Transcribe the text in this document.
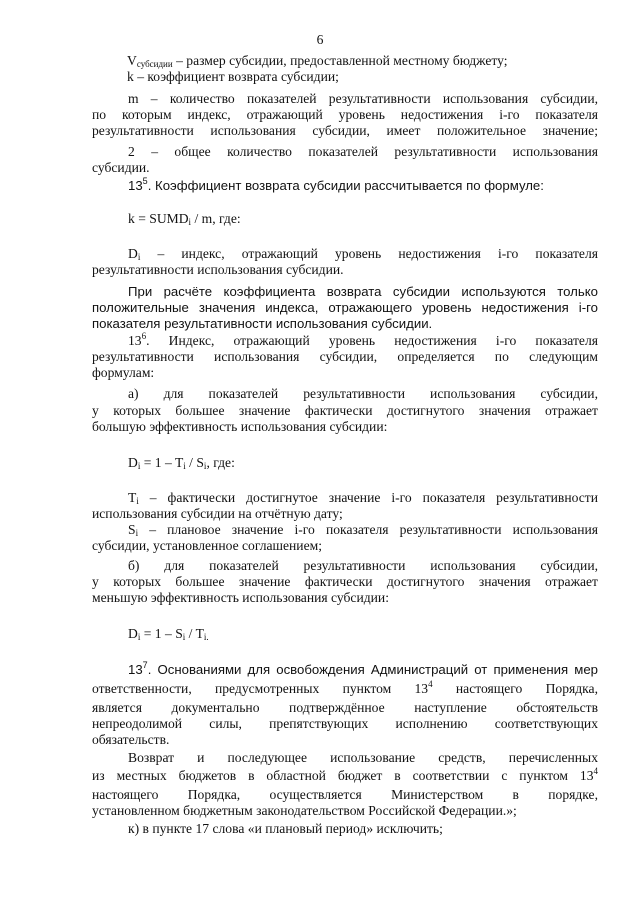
6
$V_{субсидии}$ – размер субсидии, предоставленной местному бюджету;
k – коэффициент возврата субсидии;
m – количество показателей результативности использования субсидии,
по которым индекс, отражающий уровень недостижения i-го показателя
результативности использования субсидии, имеет положительное значение;
2 – общее количество показателей результативности использования
субсидии.
$13^5$. Коэффициент возврата субсидии рассчитывается по формуле:
$k = SUMD_i / m$, где:
$D_i$ – индекс, отражающий уровень недостижения i-го показателя
результативности использования субсидии.
При расчёте коэффициента возврата субсидии используются только
положительные значения индекса, отражающего уровень недостижения i-го
показателя результативности использования субсидии.
$13^6$. Индекс, отражающий уровень недостижения i-го показателя
результативности использования субсидии, определяется по следующим
формулам:
а) для показателей результативности использования субсидии,
у которых большее значение фактически достигнутого значения отражает
большую эффективность использования субсидии:
$D_i = 1 - T_i / S_i$, где:
$T_i$ – фактически достигнутое значение i-го показателя результативности
использования субсидии на отчётную дату;
$S_i$ – плановое значение i-го показателя результативности использования
субсидии, установленное соглашением;
б) для показателей результативности использования субсидии,
у которых большее значение фактически достигнутого значения отражает
меньшую эффективность использования субсидии:
$D_i = 1 - S_i / T_{i.}$
$13^7$. Основаниями для освобождения Администраций от применения мер
ответственности, предусмотренных пунктом $13^4$ настоящего Порядка,
является документально подтверждённое наступление обстоятельств
непреодолимой силы, препятствующих исполнению соответствующих
обязательств.
Возврат и последующее использование средств, перечисленных
из местных бюджетов в областной бюджет в соответствии с пунктом $13^4$
настоящего Порядка, осуществляется Министерством в порядке,
установленном бюджетным законодательством Российской Федерации.»;
к) в пункте 17 слова «и плановый период» исключить;
